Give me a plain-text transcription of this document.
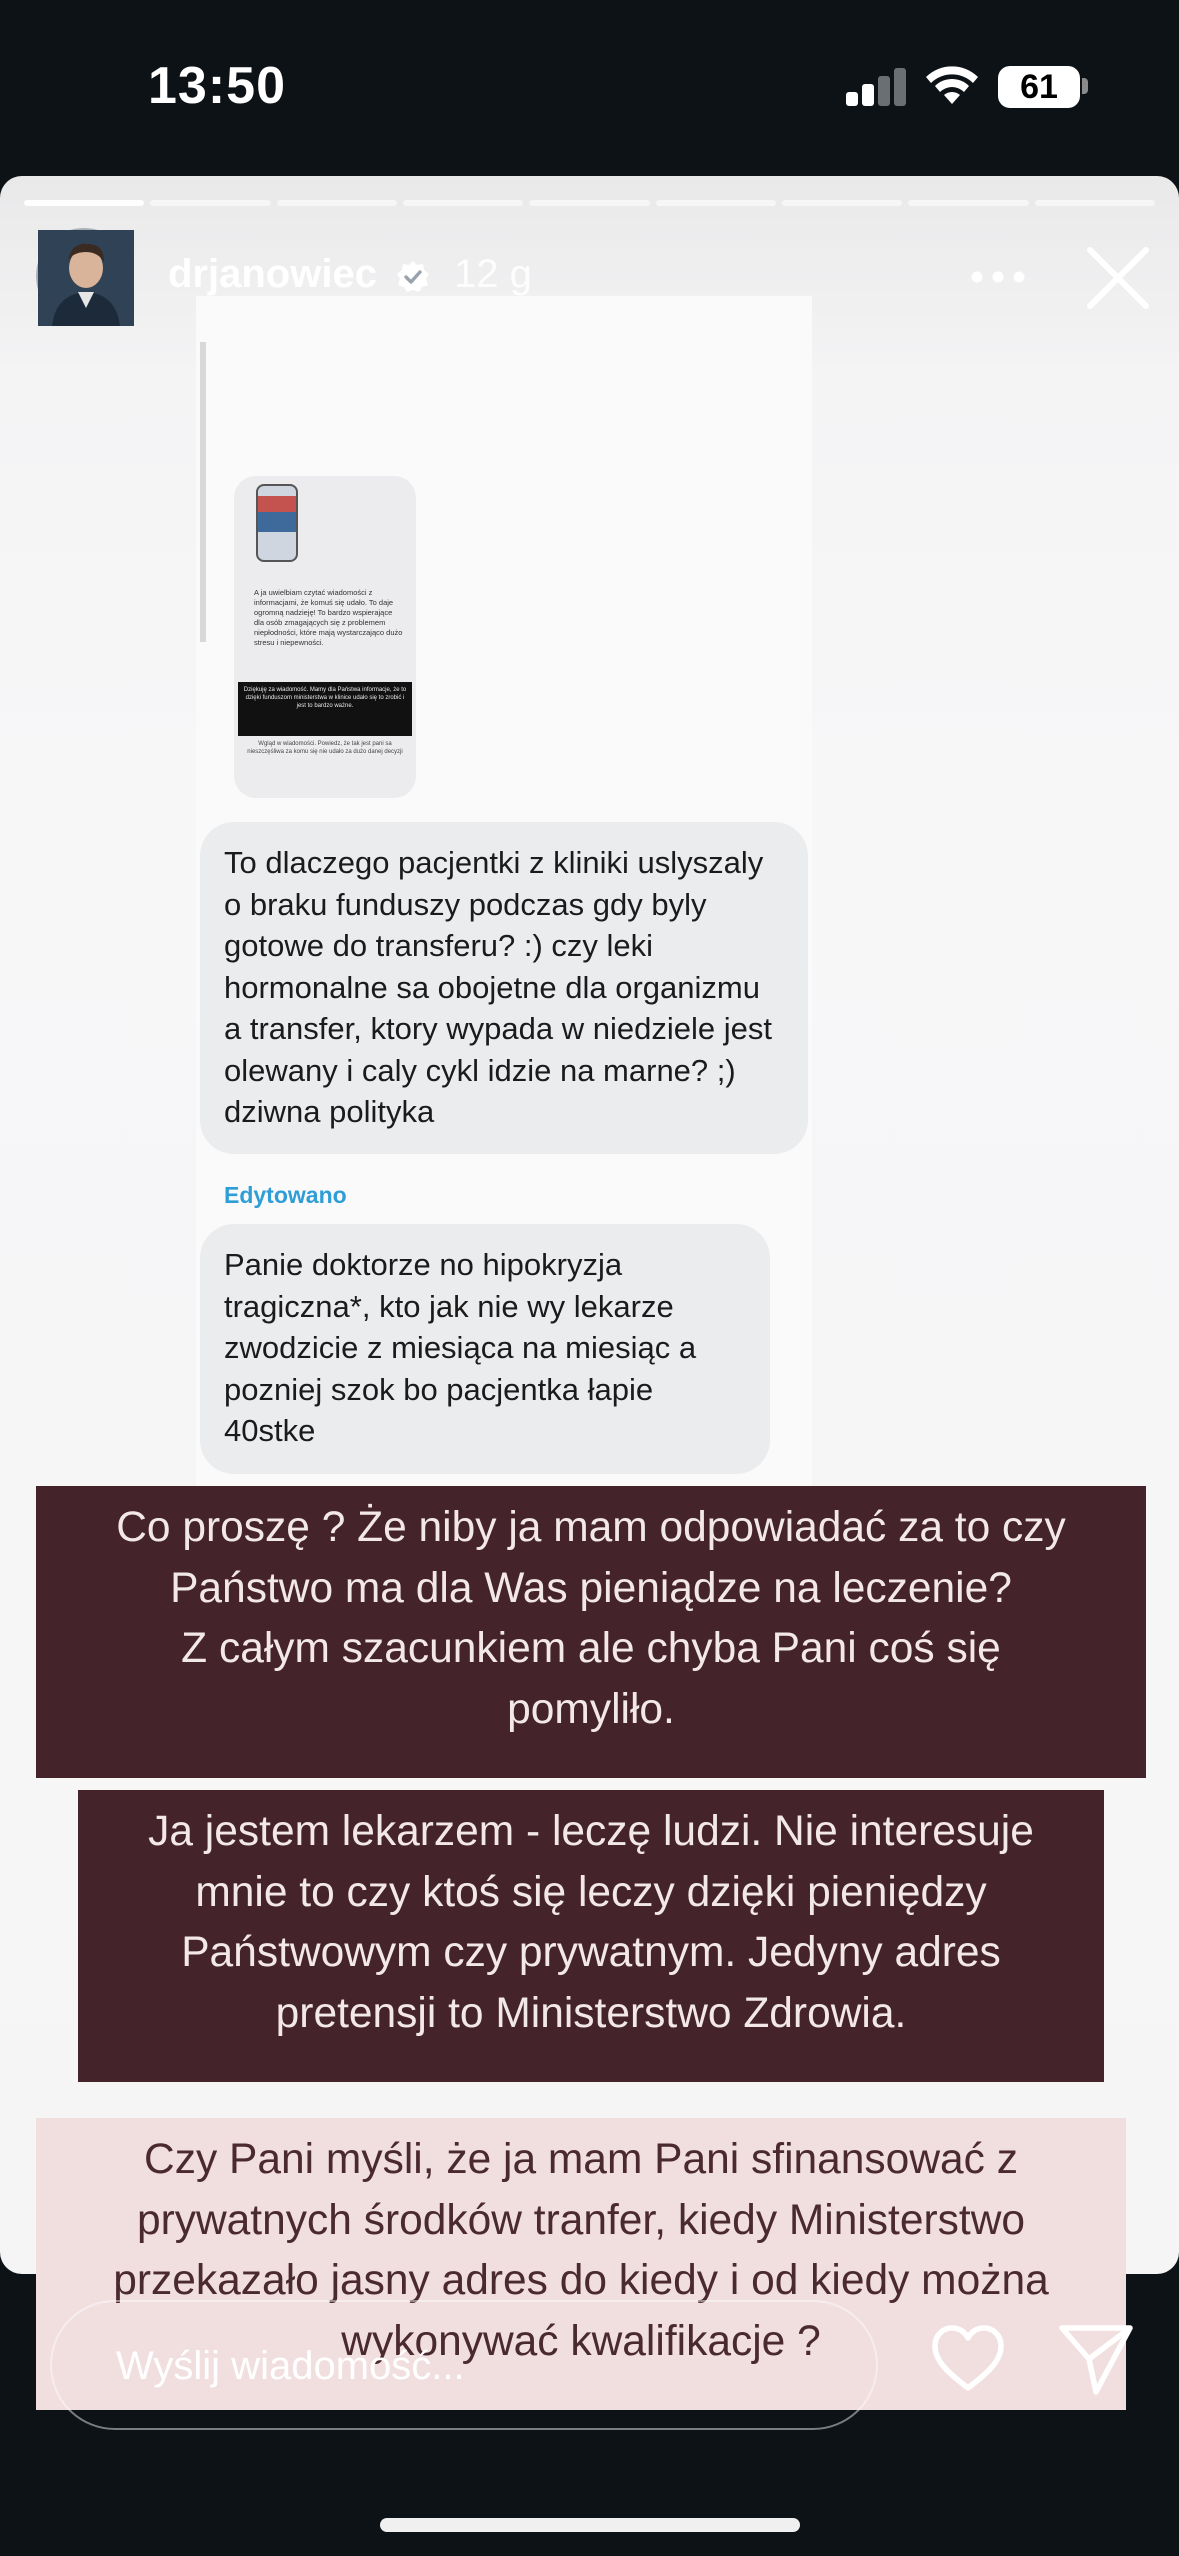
13:50	61
A ja uwielbiam czytać wiadomości z informacjami, że komuś się udało. To daje ogromną nadzieję! To bardzo wspierające dla osób zmagających się z problemem niepłodności, które mają wystarczająco dużo stresu i niepewności.
Dziękuję za wiadomość. Mamy dla Państwa informacje, że to dzięki funduszom ministerstwa w klinice udało się to zrobić i jest to bardzo ważne.
Wgląd w wiadomości. Powiedz, że tak jest pani sa nieszczęśliwa za komu się nie udało za dużo danej decyzji
To dlaczego pacjentki z kliniki uslyszaly o braku funduszy podczas gdy byly gotowe do transferu? :) czy leki hormonalne sa obojetne dla organizmu a transfer, ktory wypada w niedziele jest olewany i caly cykl idzie na marne? ;) dziwna polityka
Edytowano
Panie doktorze no hipokryzja tragiczna*, kto jak nie wy lekarze zwodzicie z miesiąca na miesiąc a pozniej szok bo pacjentka łapie 40stke
Co proszę ? Że niby ja mam odpowiadać za to czy
Państwo ma dla Was pieniądze na leczenie?
Z całym szacunkiem ale chyba Pani coś się
pomyliło.
Ja jestem lekarzem - leczę ludzi. Nie interesuje
mnie to czy ktoś się leczy dzięki pieniędzy
Państwowym czy prywatnym. Jedyny adres
pretensji to Ministerstwo Zdrowia.
Czy Pani myśli, że ja mam Pani sfinansować z
prywatnych środków tranfer, kiedy Ministerstwo
przekazało jasny adres do kiedy i od kiedy można
wykonywać kwalifikacje ?
drjanowiec 12 g
Wyślij wiadomość...
